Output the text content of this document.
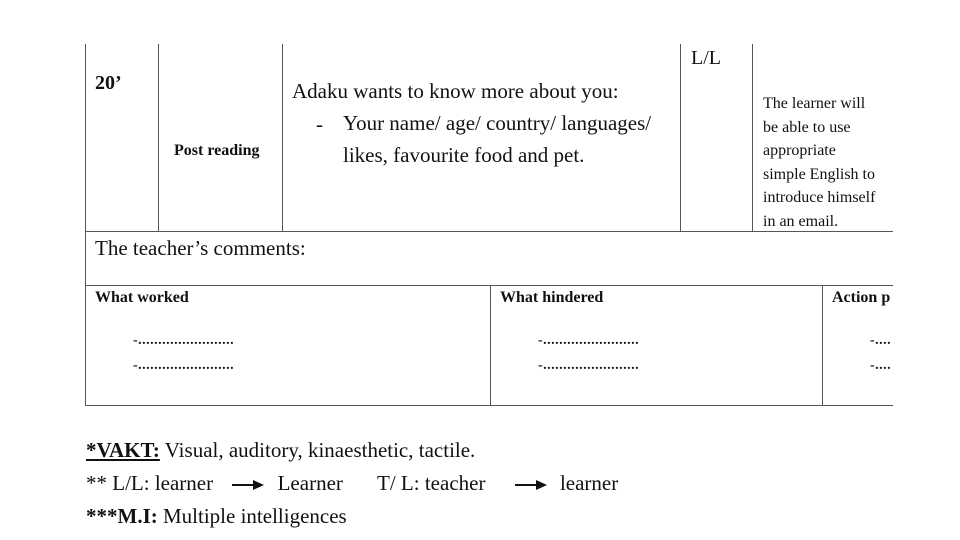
20’
Post reading
Adaku wants to know more about you:
- Your name/ age/ country/ languages/
likes, favourite food and pet.
L/L
The learner will
be able to use
appropriate
simple English to
introduce himself
in an email.
The teacher’s comments:
What worked
-........................
-........................
What hindered
-........................
-........................
Action p
-....
-....
*VAKT: Visual, auditory, kinaesthetic, tactile.
** L/L: learner	Learner T/ L: teacher	learner
***M.I: Multiple intelligences
